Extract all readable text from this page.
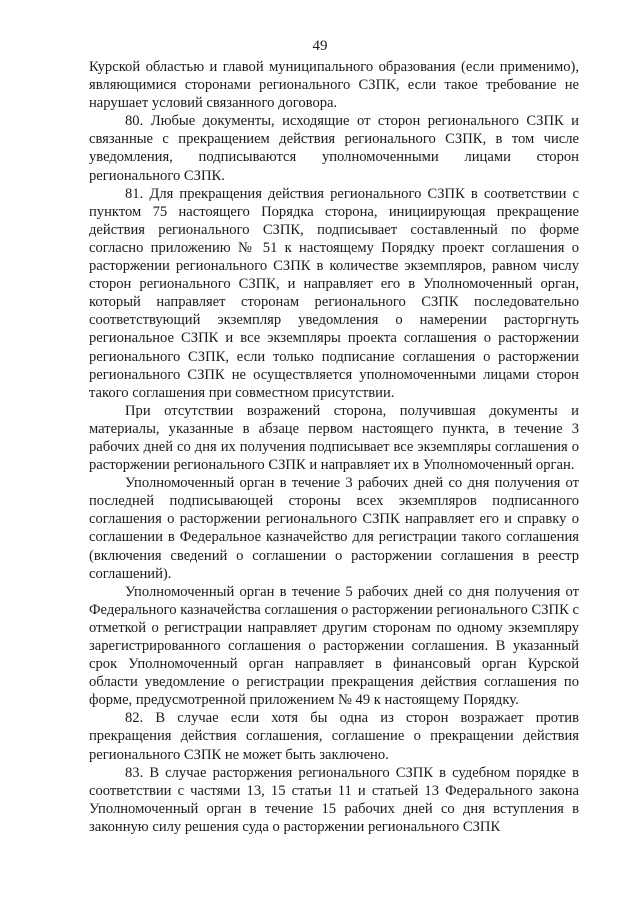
49

Курской областью и главой муниципального образования (если применимо), являющимися сторонами регионального СЗПК, если такое требование не нарушает условий связанного договора.

80. Любые документы, исходящие от сторон регионального СЗПК и связанные с прекращением действия регионального СЗПК, в том числе уведомления, подписываются уполномоченными лицами сторон регионального СЗПК.

81. Для прекращения действия регионального СЗПК в соответствии с пунктом 75 настоящего Порядка сторона, инициирующая прекращение действия регионального СЗПК, подписывает составленный по форме согласно приложению № 51 к настоящему Порядку проект соглашения о расторжении регионального СЗПК в количестве экземпляров, равном числу сторон регионального СЗПК, и направляет его в Уполномоченный орган, который направляет сторонам регионального СЗПК последовательно соответствующий экземпляр уведомления о намерении расторгнуть региональное СЗПК и все экземпляры проекта соглашения о расторжении регионального СЗПК, если только подписание соглашения о расторжении регионального СЗПК не осуществляется уполномоченными лицами сторон такого соглашения при совместном присутствии.

При отсутствии возражений сторона, получившая документы и материалы, указанные в абзаце первом настоящего пункта, в течение 3 рабочих дней со дня их получения подписывает все экземпляры соглашения о расторжении регионального СЗПК и направляет их в Уполномоченный орган.

Уполномоченный орган в течение 3 рабочих дней со дня получения от последней подписывающей стороны всех экземпляров подписанного соглашения о расторжении регионального СЗПК направляет его и справку о соглашении в Федеральное казначейство для регистрации такого соглашения (включения сведений о соглашении о расторжении соглашения в реестр соглашений).

Уполномоченный орган в течение 5 рабочих дней со дня получения от Федерального казначейства соглашения о расторжении регионального СЗПК с отметкой о регистрации направляет другим сторонам по одному экземпляру зарегистрированного соглашения о расторжении соглашения. В указанный срок Уполномоченный орган направляет в финансовый орган Курской области уведомление о регистрации прекращения действия соглашения по форме, предусмотренной приложением № 49 к настоящему Порядку.

82. В случае если хотя бы одна из сторон возражает против прекращения действия соглашения, соглашение о прекращении действия регионального СЗПК не может быть заключено.

83. В случае расторжения регионального СЗПК в судебном порядке в соответствии с частями 13, 15 статьи 11 и статьей 13 Федерального закона Уполномоченный орган в течение 15 рабочих дней со дня вступления в законную силу решения суда о расторжении регионального СЗПК
